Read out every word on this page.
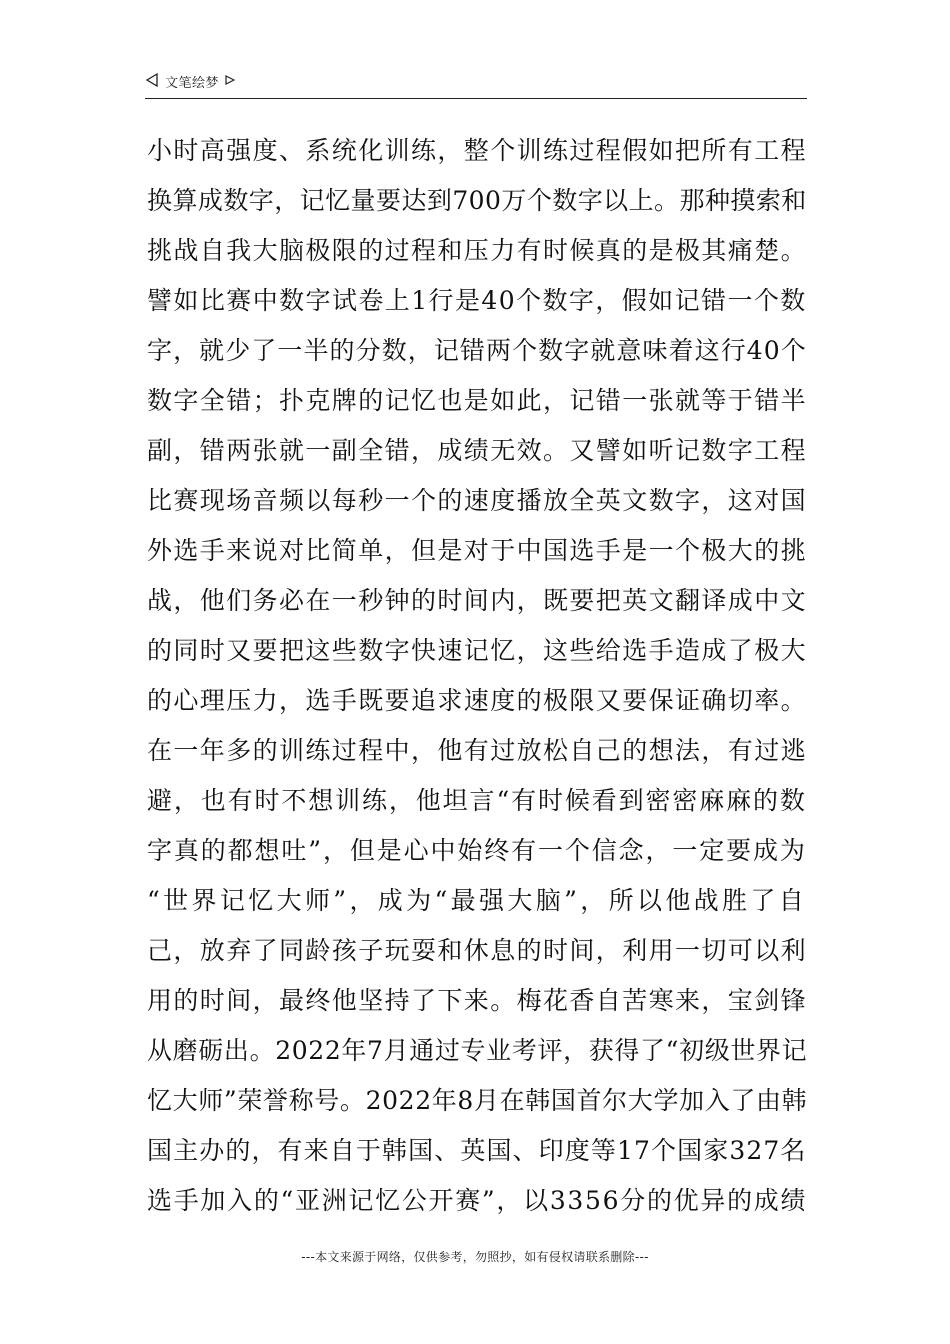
文笔绘梦
小时高强度、系统化训练，整个训练过程假如把所有工程
换算成数字，记忆量要达到700万个数字以上。那种摸索和
挑战自我大脑极限的过程和压力有时候真的是极其痛楚。
譬如比赛中数字试卷上1行是40个数字，假如记错一个数
字，就少了一半的分数，记错两个数字就意味着这行40个
数字全错；扑克牌的记忆也是如此，记错一张就等于错半
副，错两张就一副全错，成绩无效。又譬如听记数字工程
比赛现场音频以每秒一个的速度播放全英文数字，这对国
外选手来说对比简单，但是对于中国选手是一个极大的挑
战，他们务必在一秒钟的时间内，既要把英文翻译成中文
的同时又要把这些数字快速记忆，这些给选手造成了极大
的心理压力，选手既要追求速度的极限又要保证确切率。
在一年多的训练过程中，他有过放松自己的想法，有过逃
避，也有时不想训练，他坦言“有时候看到密密麻麻的数
字真的都想吐”，但是心中始终有一个信念，一定要成为
“世界记忆大师”，成为“最强大脑”，所以他战胜了自
己，放弃了同龄孩子玩耍和休息的时间，利用一切可以利
用的时间，最终他坚持了下来。梅花香自苦寒来，宝剑锋
从磨砺出。2022年7月通过专业考评，获得了“初级世界记
忆大师”荣誉称号。2022年8月在韩国首尔大学加入了由韩
国主办的，有来自于韩国、英国、印度等17个国家327名
选手加入的“亚洲记忆公开赛”，以3356分的优异的成绩
---本文来源于网络，仅供参考，勿照抄，如有侵权请联系删除---
